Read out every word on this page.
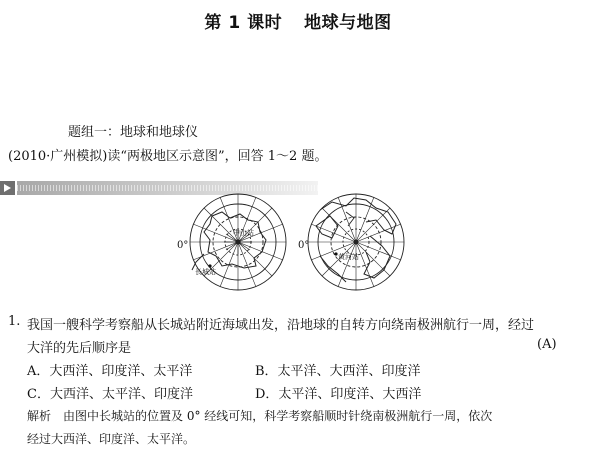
第 1 课时 地球与地图
题组一：地球和地球仪
(2010·广州模拟)读“两极地区示意图”，回答 1～2 题。
0°
中山站
长城站
0°
黄河站
1. 我国一艘科学考察船从长城站附近海域出发，沿地球的自转方向绕南极洲航行一周，经过
大洋的先后顺序是	(A)
A．大西洋、印度洋、太平洋	B．太平洋、大西洋、印度洋
C．大西洋、太平洋、印度洋	D．太平洋、印度洋、大西洋
解析　由图中长城站的位置及 0° 经线可知，科学考察船顺时针绕南极洲航行一周，依次
经过大西洋、印度洋、太平洋。
